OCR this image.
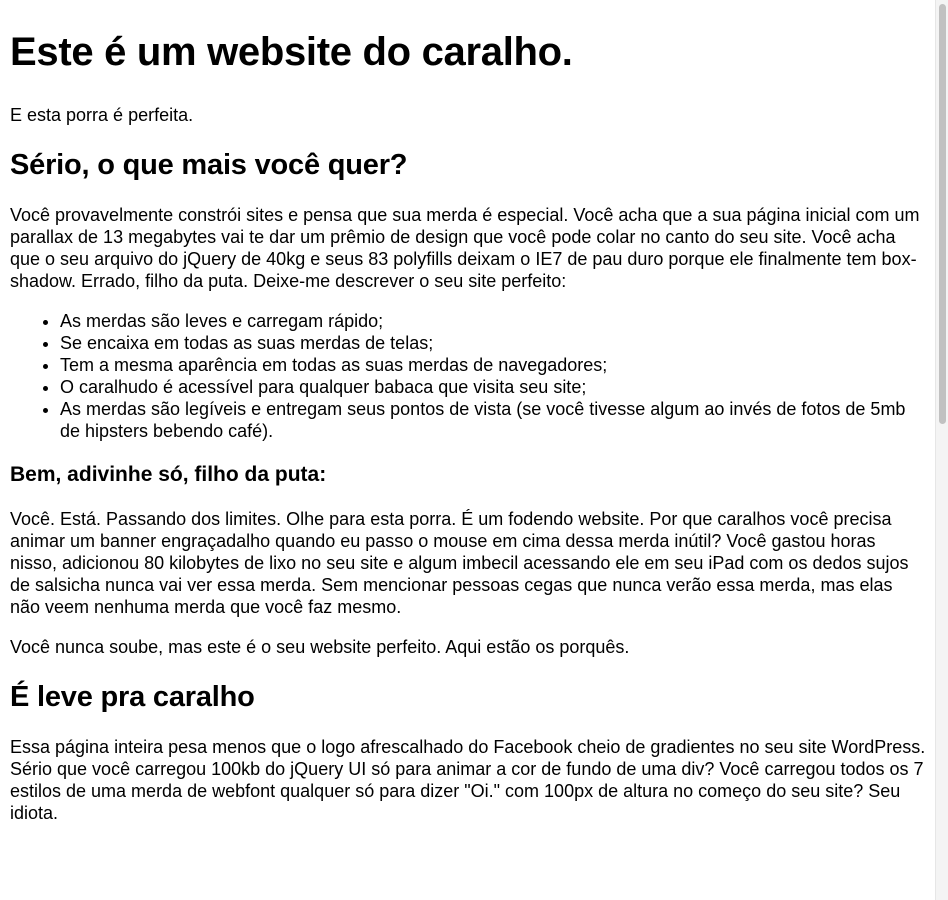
Este é um website do caralho.

E esta porra é perfeita.

Sério, o que mais você quer?

Você provavelmente constrói sites e pensa que sua merda é especial. Você acha que a sua página inicial com um parallax de 13 megabytes vai te dar um prêmio de design que você pode colar no canto do seu site. Você acha que o seu arquivo do jQuery de 40kg e seus 83 polyfills deixam o IE7 de pau duro porque ele finalmente tem box-shadow. Errado, filho da puta. Deixe-me descrever o seu site perfeito:

• As merdas são leves e carregam rápido;
• Se encaixa em todas as suas merdas de telas;
• Tem a mesma aparência em todas as suas merdas de navegadores;
• O caralhudo é acessível para qualquer babaca que visita seu site;
• As merdas são legíveis e entregam seus pontos de vista (se você tivesse algum ao invés de fotos de 5mb de hipsters bebendo café).
Bem, adivinhe só, filho da puta:

Você. Está. Passando dos limites. Olhe para esta porra. É um fodendo website. Por que caralhos você precisa animar um banner engraçadalho quando eu passo o mouse em cima dessa merda inútil? Você gastou horas nisso, adicionou 80 kilobytes de lixo no seu site e algum imbecil acessando ele em seu iPad com os dedos sujos de salsicha nunca vai ver essa merda. Sem mencionar pessoas cegas que nunca verão essa merda, mas elas não veem nenhuma merda que você faz mesmo.

Você nunca soube, mas este é o seu website perfeito. Aqui estão os porquês.

É leve pra caralho

Essa página inteira pesa menos que o logo afrescalhado do Facebook cheio de gradientes no seu site WordPress. Sério que você carregou 100kb do jQuery UI só para animar a cor de fundo de uma div? Você carregou todos os 7 estilos de uma merda de webfont qualquer só para dizer "Oi." com 100px de altura no começo do seu site? Seu idiota.
